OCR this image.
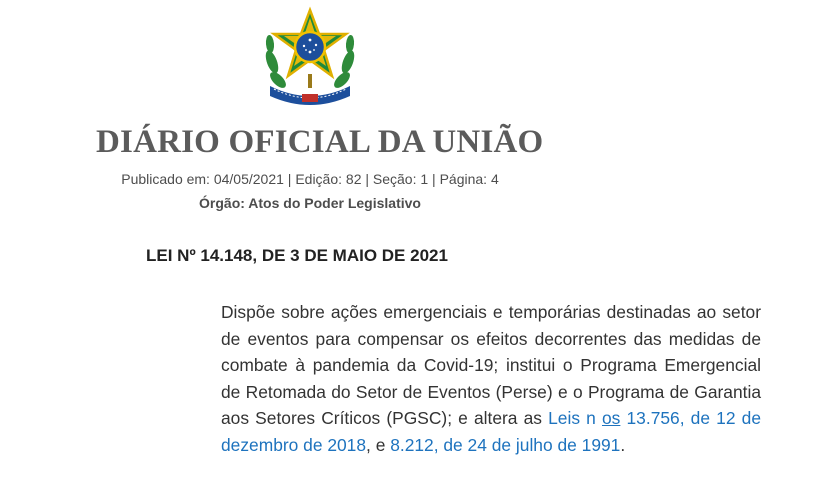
DIÁRIO OFICIAL DA UNIÃO
Publicado em: 04/05/2021 | Edição: 82 | Seção: 1 | Página: 4
Órgão: Atos do Poder Legislativo
LEI Nº 14.148, DE 3 DE MAIO DE 2021
Dispõe sobre ações emergenciais e temporárias destinadas ao setor de eventos para compensar os efeitos decorrentes das medidas de combate à pandemia da Covid-19; institui o Programa Emergencial de Retomada do Setor de Eventos (Perse) e o Programa de Garantia aos Setores Críticos (PGSC); e altera as Leis n os 13.756, de 12 de dezembro de 2018, e 8.212, de 24 de julho de 1991.
